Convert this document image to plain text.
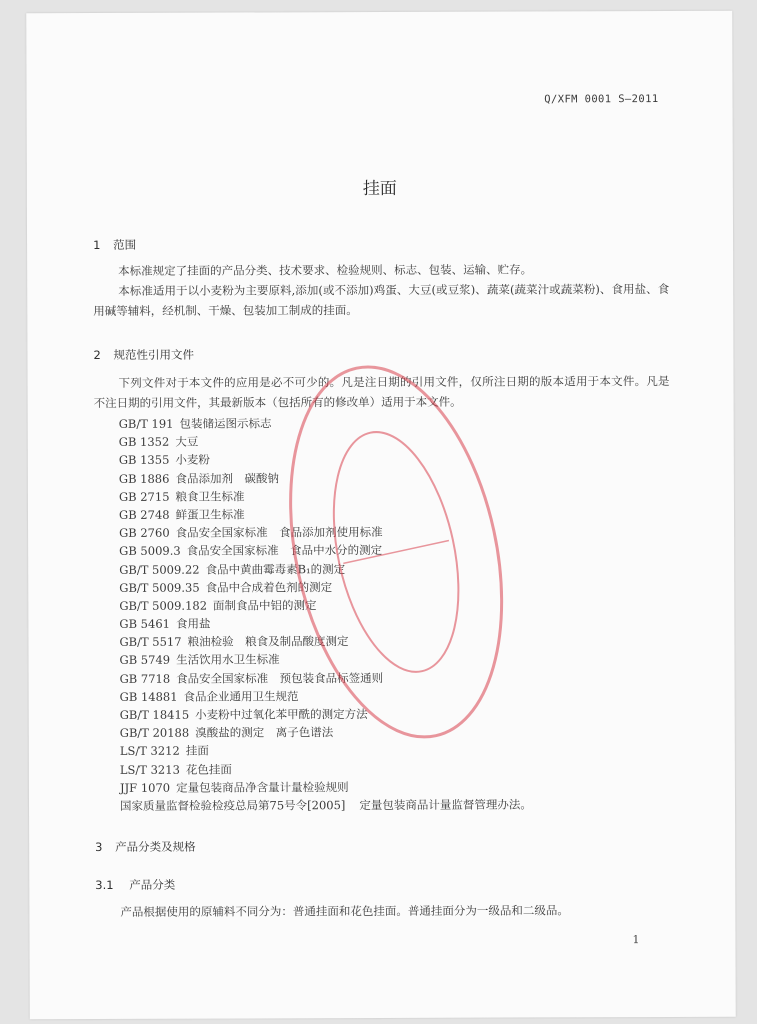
Q/XFM 0001 S—2011
挂面
1 范围

本标准规定了挂面的产品分类、技术要求、检验规则、标志、包装、运输、贮存。

本标准适用于以小麦粉为主要原料,添加(或不添加)鸡蛋、大豆(或豆浆)、蔬菜(蔬菜汁或蔬菜粉)、食用盐、食用碱等辅料，经机制、干燥、包装加工制成的挂面。

2 规范性引用文件

下列文件对于本文件的应用是必不可少的。凡是注日期的引用文件，仅所注日期的版本适用于本文件。凡是不注日期的引用文件，其最新版本（包括所有的修改单）适用于本文件。

GB/T 191 包装储运图示标志
GB 1352 大豆
GB 1355 小麦粉
GB 1886 食品添加剂　碳酸钠
GB 2715 粮食卫生标准
GB 2748 鲜蛋卫生标准
GB 2760 食品安全国家标准　食品添加剂使用标准
GB 5009.3 食品安全国家标准　食品中水分的测定
GB/T 5009.22 食品中黄曲霉毒素B₁的测定
GB/T 5009.35 食品中合成着色剂的测定
GB/T 5009.182 面制食品中铝的测定
GB 5461 食用盐
GB/T 5517 粮油检验　粮食及制品酸度测定
GB 5749 生活饮用水卫生标准
GB 7718 食品安全国家标准　预包装食品标签通则
GB 14881 食品企业通用卫生规范
GB/T 18415 小麦粉中过氧化苯甲酰的测定方法
GB/T 20188 溴酸盐的测定　离子色谱法
LS/T 3212 挂面
LS/T 3213 花色挂面
JJF 1070 定量包装商品净含量计量检验规则
国家质量监督检验检疫总局第75号令[2005] 定量包装商品计量监督管理办法。
3 产品分类及规格
3.1 产品分类

产品根据使用的原辅料不同分为：普通挂面和花色挂面。普通挂面分为一级品和二级品。

1
